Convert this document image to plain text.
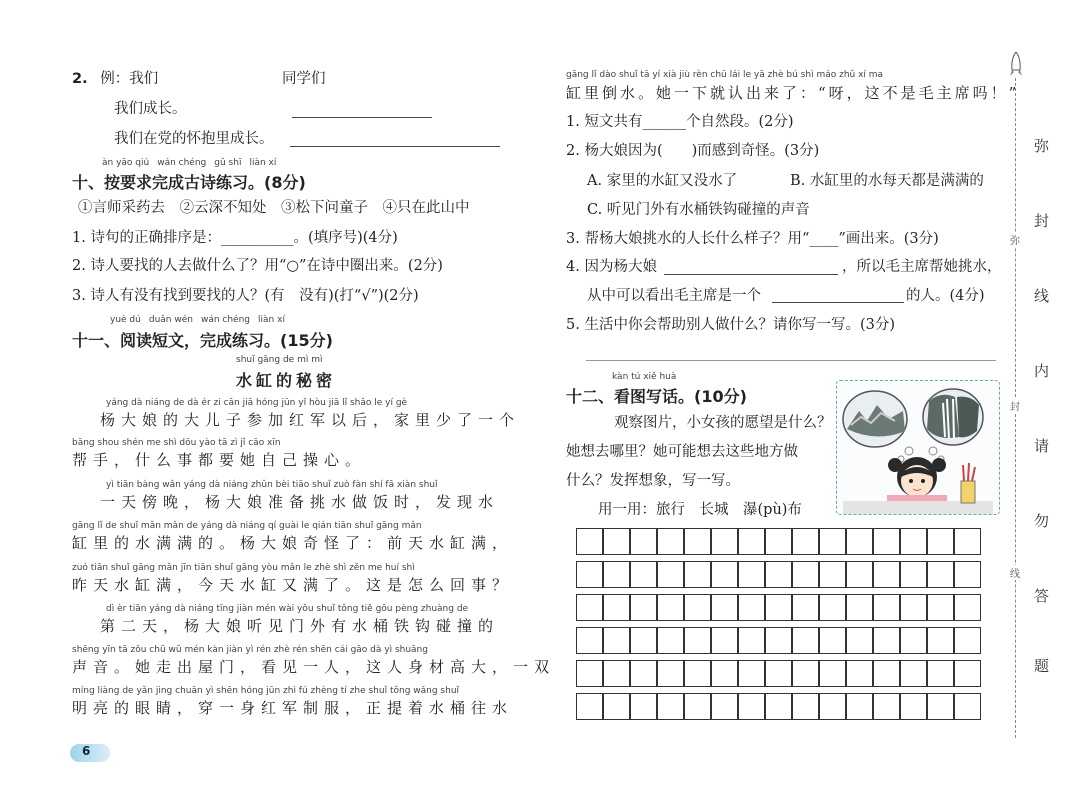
2. 例：我们	同学们
我们成长。
我们在党的怀抱里成长。
àn yāo qiú wán chéng gǔ shī liàn xí
十、按要求完成古诗练习。(8分)
①言师采药去　②云深不知处　③松下问童子　④只在此山中
1. 诗句的正确排序是：__________。(填序号)(4分)
2. 诗人要找的人去做什么了？用“○”在诗中圈出来。(2分)
3. 诗人有没有找到要找的人？(有　没有)(打“√”)(2分)
yuè dú duǎn wén wán chéng liàn xí
十一、阅读短文，完成练习。(15分)
shuǐ gāng de mì mì
水缸的秘密
yáng dà niáng de dà ér zi cān jiā hóng jūn yǐ hòu jiā lǐ shǎo le yí gè
杨大娘的大儿子参加红军以后，家里少了一个
bāng shou shén me shì dōu yào tā zì jǐ cāo xīn
帮手，什么事都要她自己操心。
yì tiān bàng wǎn yáng dà niáng zhǔn bèi tiāo shuǐ zuò fàn shí fā xiàn shuǐ
一天傍晚，杨大娘准备挑水做饭时，发现水
gāng lǐ de shuǐ mǎn mǎn de yáng dà niáng qí guài le qián tiān shuǐ gāng mǎn
缸里的水满满的。杨大娘奇怪了：前天水缸满，
zuó tiān shuǐ gāng mǎn jīn tiān shuǐ gāng yòu mǎn le zhè shì zěn me huí shì
昨天水缸满，今天水缸又满了。这是怎么回事？
dì èr tiān yáng dà niáng tīng jiàn mén wài yǒu shuǐ tǒng tiě gōu pèng zhuàng de
第二天，杨大娘听见门外有水桶铁钩碰撞的
shēng yīn tā zǒu chū wū mén kàn jiàn yì rén zhè rén shēn cái gāo dà yì shuāng
声音。她走出屋门，看见一人，这人身材高大，一双
míng liàng de yǎn jing chuān yì shēn hóng jūn zhì fú zhèng tí zhe shuǐ tǒng wǎng shuǐ
明亮的眼睛，穿一身红军制服，正提着水桶往水
6
gāng lǐ dào shuǐ tā yí xià jiù rèn chū lái le yā zhè bú shì máo zhǔ xí ma
缸里倒水。她一下就认出来了：“呀，这不是毛主席吗！”
1. 短文共有______个自然段。(2分)
2. 杨大娘因为(　　)而感到奇怪。(3分)
A. 家里的水缸又没水了	B. 水缸里的水每天都是满满的
C. 听见门外有水桶铁钩碰撞的声音
3. 帮杨大娘挑水的人长什么样子？用“____”画出来。(3分)
4. 因为杨大娘	，所以毛主席帮她挑水，
从中可以看出毛主席是一个	的人。(4分)
5. 生活中你会帮助别人做什么？请你写一写。(3分)
kàn tú xiě huà
十二、看图写话。(10分)
观察图片，小女孩的愿望是什么？
她想去哪里？她可能想去这些地方做
什么？发挥想象，写一写。
用一用：旅行　长城　瀑(pù)布
弥
封
线
内
请
勿
答
题
弥
封
线
